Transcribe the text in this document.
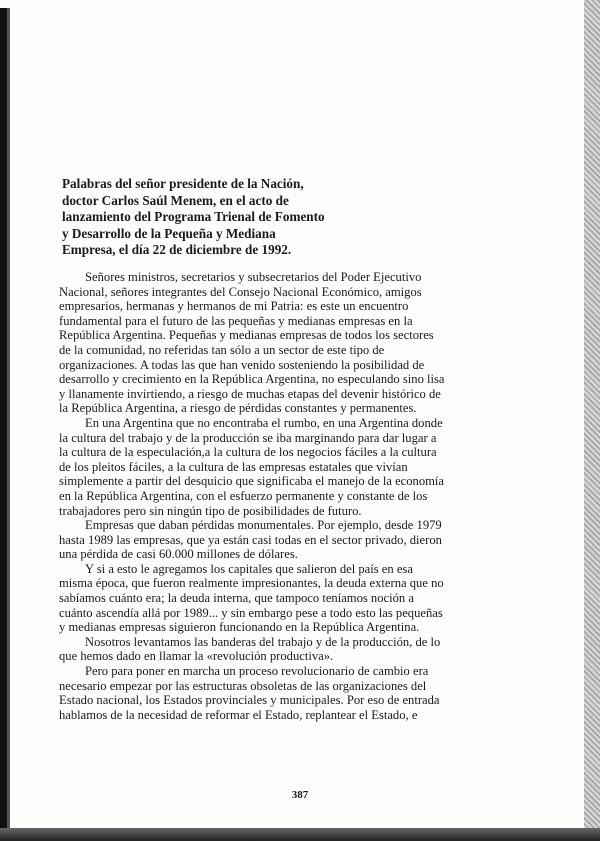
Palabras del señor presidente de la Nación,
doctor Carlos Saúl Menem, en el acto de
lanzamiento del Programa Trienal de Fomento
y Desarrollo de la Pequeña y Mediana
Empresa, el día 22 de diciembre de 1992.
Señores ministros, secretarios y subsecretarios del Poder Ejecutivo
Nacional, señores integrantes del Consejo Nacional Económico, amigos
empresarios, hermanas y hermanos de mi Patria: es este un encuentro
fundamental para el futuro de las pequeñas y medianas empresas en la
República Argentina. Pequeñas y medianas empresas de todos los sectores
de la comunidad, no referidas tan sólo a un sector de este tipo de
organizaciones. A todas las que han venido sosteniendo la posibilidad de
desarrollo y crecimiento en la República Argentina, no especulando sino lisa
y llanamente invirtiendo, a riesgo de muchas etapas del devenir histórico de
la República Argentina, a riesgo de pérdidas constantes y permanentes.
En una Argentina que no encontraba el rumbo, en una Argentina donde
la cultura del trabajo y de la producción se iba marginando para dar lugar a
la cultura de la especulación,a la cultura de los negocios fáciles a la cultura
de los pleitos fáciles, a la cultura de las empresas estatales que vivían
simplemente a partir del desquicio que significaba el manejo de la economía
en la República Argentina, con el esfuerzo permanente y constante de los
trabajadores pero sin ningún tipo de posibilidades de futuro.
Empresas que daban pérdidas monumentales. Por ejemplo, desde 1979
hasta 1989 las empresas, que ya están casi todas en el sector privado, dieron
una pérdida de casi 60.000 millones de dólares.
Y si a esto le agregamos los capitales que salieron del país en esa
misma época, que fueron realmente impresionantes, la deuda externa que no
sabíamos cuánto era; la deuda interna, que tampoco teníamos noción a
cuánto ascendía allá por 1989... y sin embargo pese a todo esto las pequeñas
y medianas empresas siguieron funcionando en la República Argentina.
Nosotros levantamos las banderas del trabajo y de la producción, de lo
que hemos dado en llamar la «revolución productiva».
Pero para poner en marcha un proceso revolucionario de cambio era
necesario empezar por las estructuras obsoletas de las organizaciones del
Estado nacional, los Estados provinciales y municipales. Por eso de entrada
hablamos de la necesidad de reformar el Estado, replantear el Estado, e
387
